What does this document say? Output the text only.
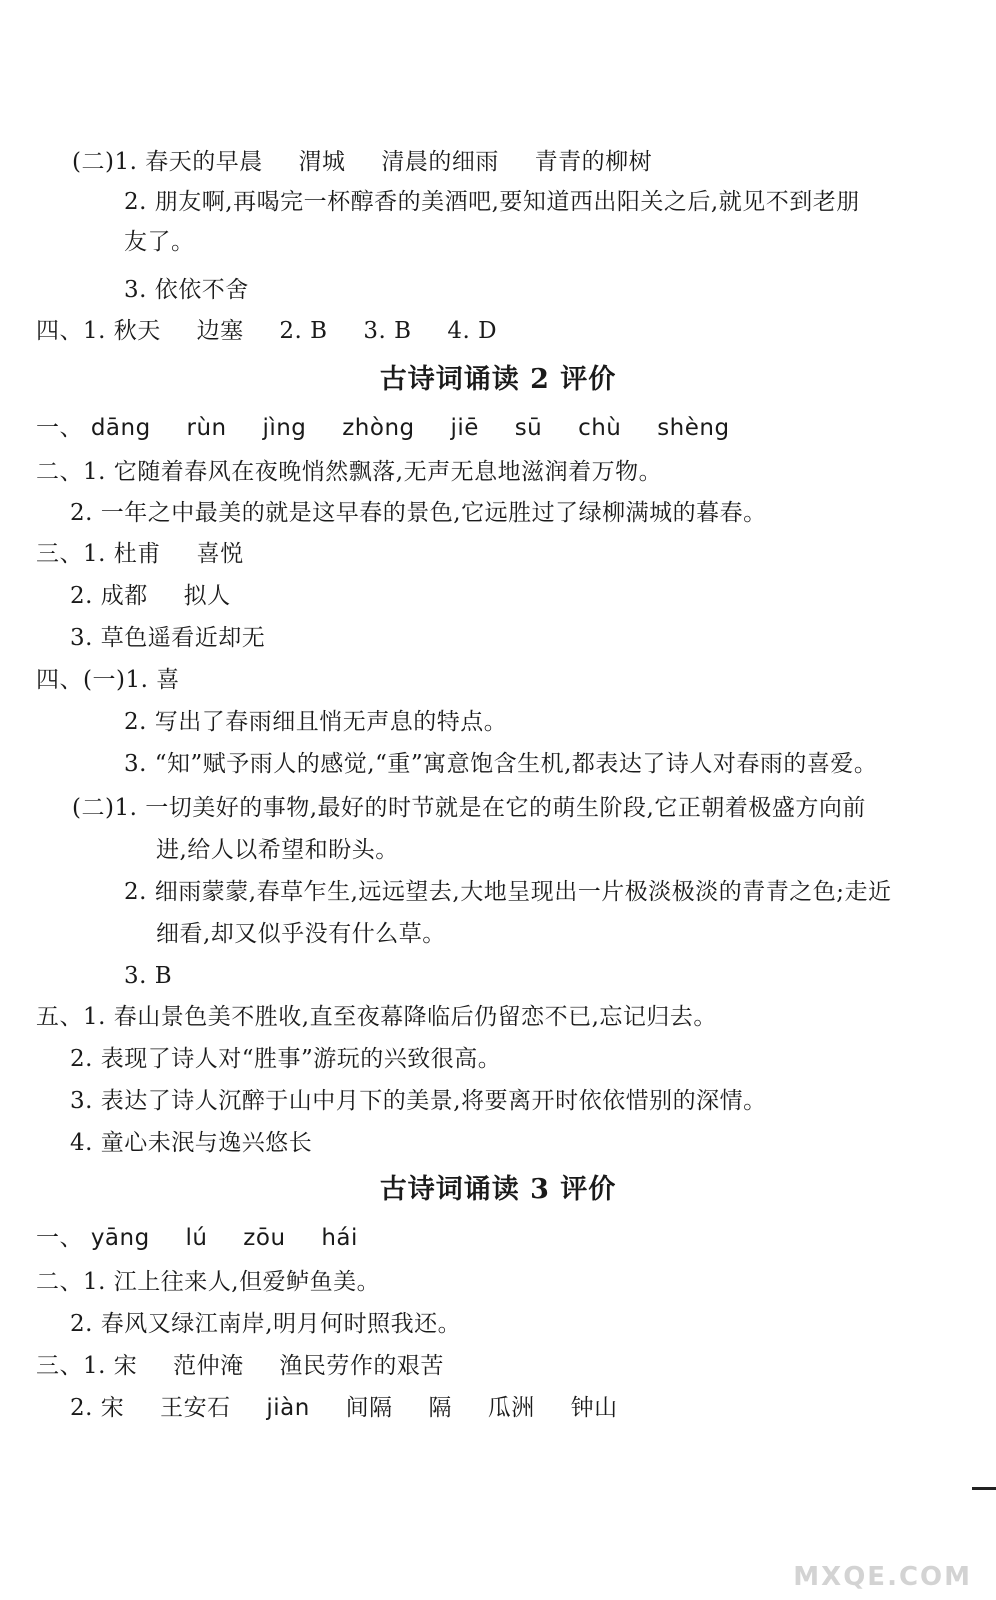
(二)1. 春天的早晨 渭城 清晨的细雨 青青的柳树
2. 朋友啊,再喝完一杯醇香的美酒吧,要知道西出阳关之后,就见不到老朋
友了。
3. 依依不舍
四、1. 秋天 边塞 2. B 3. B 4. D
古诗词诵读 2 评价
一、 dāng rùn jìng zhòng jiē sū chù shèng
二、1. 它随着春风在夜晚悄然飘落,无声无息地滋润着万物。
2. 一年之中最美的就是这早春的景色,它远胜过了绿柳满城的暮春。
三、1. 杜甫 喜悦
2. 成都 拟人
3. 草色遥看近却无
四、(一)1. 喜
2. 写出了春雨细且悄无声息的特点。
3. “知”赋予雨人的感觉,“重”寓意饱含生机,都表达了诗人对春雨的喜爱。
(二)1. 一切美好的事物,最好的时节就是在它的萌生阶段,它正朝着极盛方向前
进,给人以希望和盼头。
2. 细雨蒙蒙,春草乍生,远远望去,大地呈现出一片极淡极淡的青青之色;走近
细看,却又似乎没有什么草。
3. B
五、1. 春山景色美不胜收,直至夜幕降临后仍留恋不已,忘记归去。
2. 表现了诗人对“胜事”游玩的兴致很高。
3. 表达了诗人沉醉于山中月下的美景,将要离开时依依惜别的深情。
4. 童心未泯与逸兴悠长
古诗词诵读 3 评价
一、 yāng lú zōu hái
二、1. 江上往来人,但爱鲈鱼美。
2. 春风又绿江南岸,明月何时照我还。
三、1. 宋 范仲淹 渔民劳作的艰苦
2. 宋 王安石 jiàn 间隔 隔 瓜洲 钟山
MXQE.COM
